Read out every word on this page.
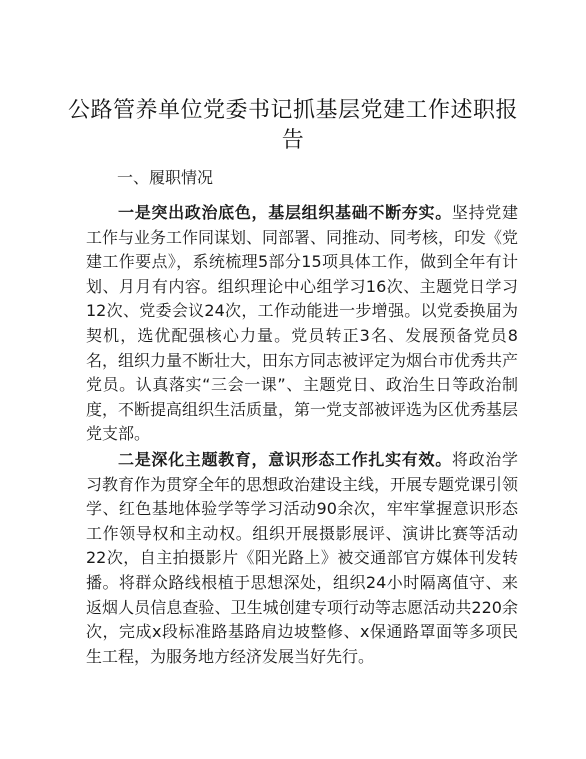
公路管养单位党委书记抓基层党建工作述职报告
一、履职情况

一是突出政治底色，基层组织基础不断夯实。坚持党建工作与业务工作同谋划、同部署、同推动、同考核，印发《党建工作要点》，系统梳理5部分15项具体工作，做到全年有计划、月月有内容。组织理论中心组学习16次、主题党日学习12次、党委会议24次，工作动能进一步增强。以党委换届为契机，选优配强核心力量。党员转正3名、发展预备党员8名，组织力量不断壮大，田东方同志被评定为烟台市优秀共产党员。认真落实“三会一课”、主题党日、政治生日等政治制度，不断提高组织生活质量，第一党支部被评选为区优秀基层党支部。

二是深化主题教育，意识形态工作扎实有效。将政治学习教育作为贯穿全年的思想政治建设主线，开展专题党课引领学、红色基地体验学等学习活动90余次，牢牢掌握意识形态工作领导权和主动权。组织开展摄影展评、演讲比赛等活动22次，自主拍摄影片《阳光路上》被交通部官方媒体刊发转播。将群众路线根植于思想深处，组织24小时隔离值守、来返烟人员信息查验、卫生城创建专项行动等志愿活动共220余次，完成x段标准路基路肩边坡整修、x保通路罩面等多项民生工程，为服务地方经济发展当好先行。
